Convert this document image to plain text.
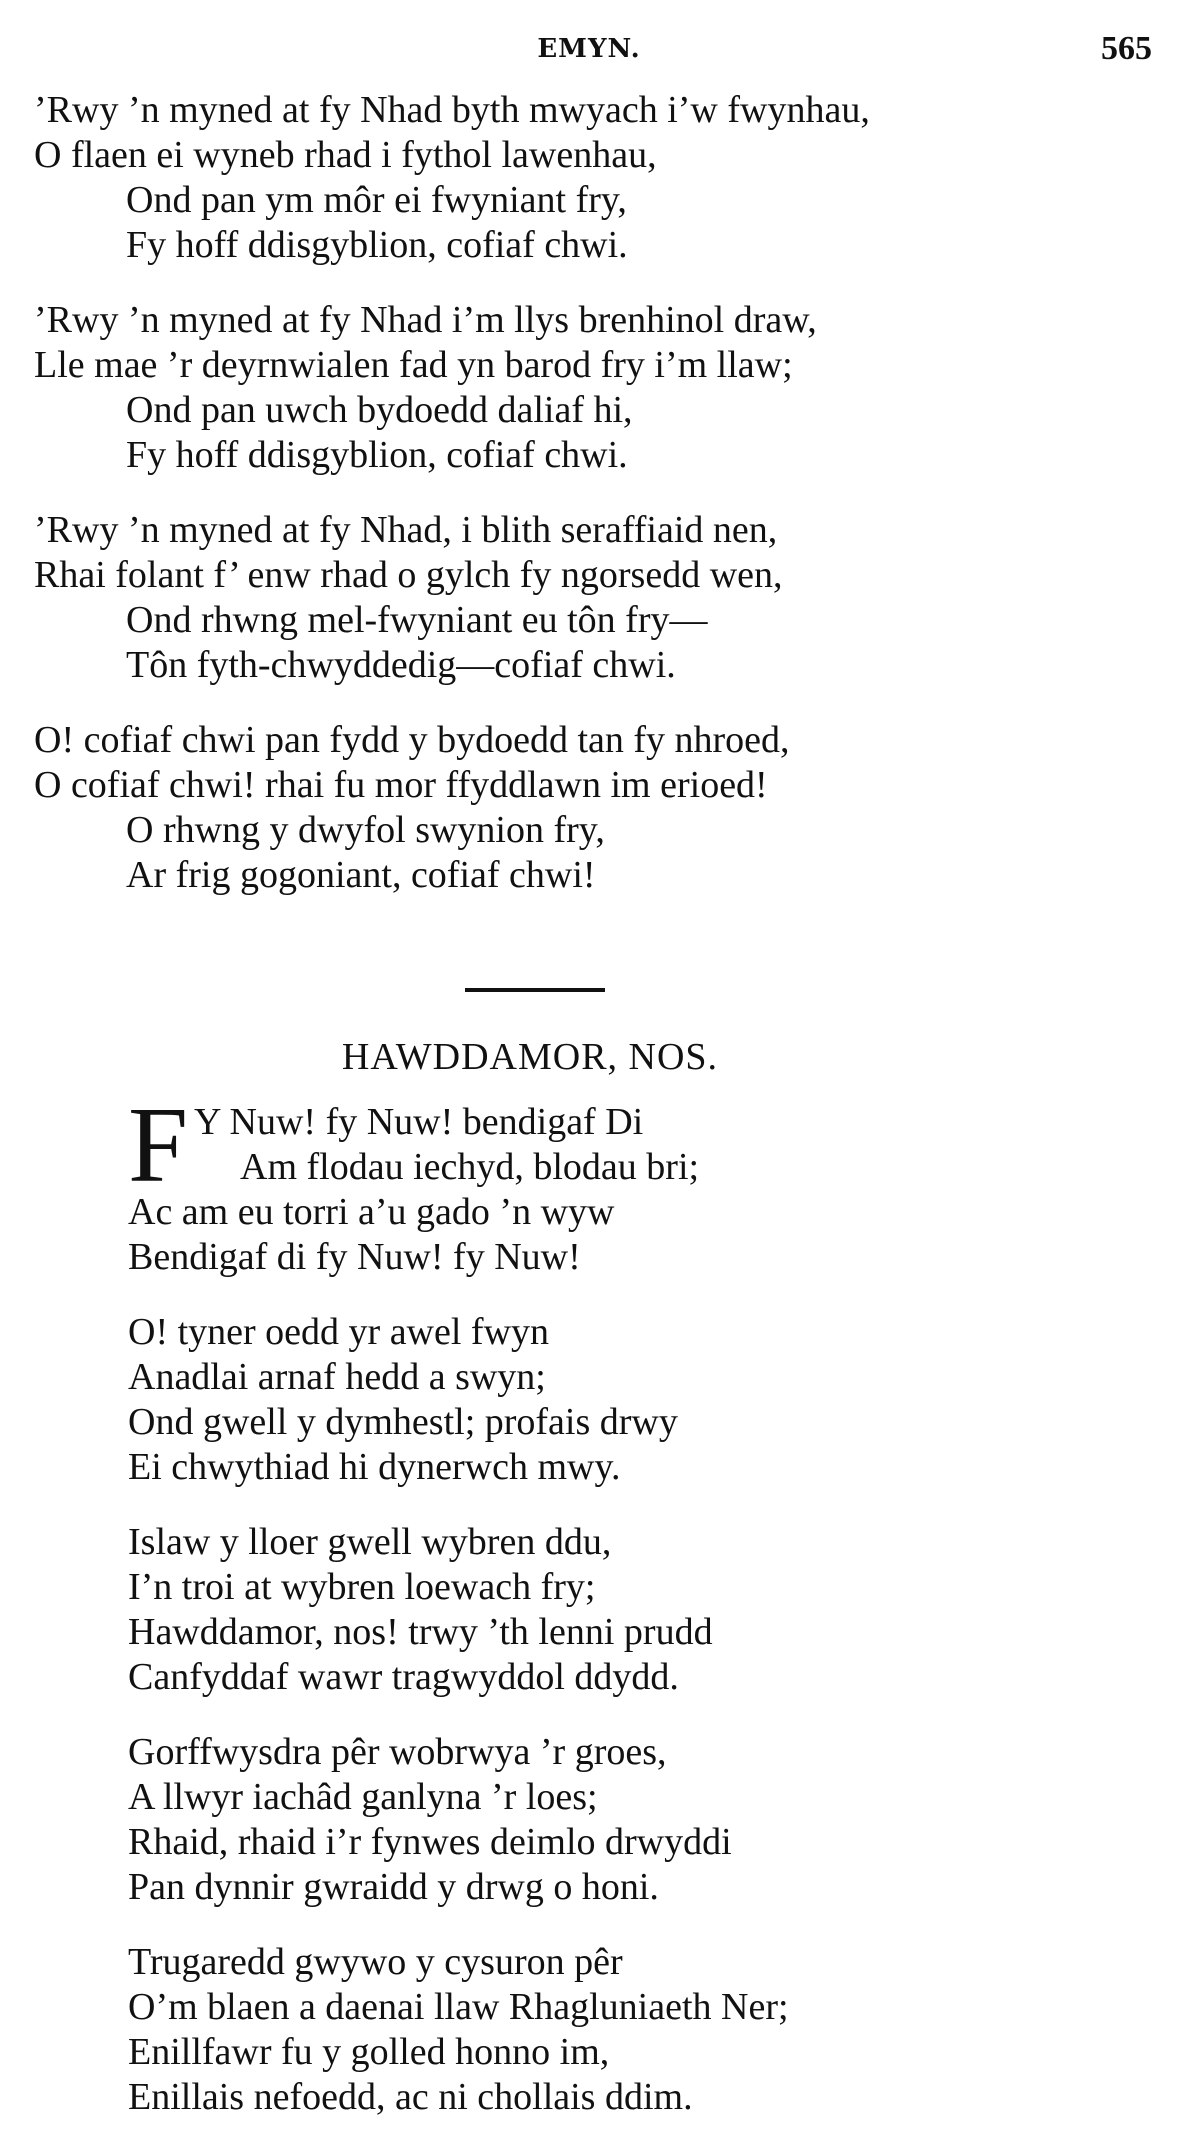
EMYN.	565
’Rwy ’n myned at fy Nhad byth mwyach i’w fwynhau,
O flaen ei wyneb rhad i fythol lawenhau,
Ond pan ym môr ei fwyniant fry,
Fy hoff ddisgyblion, cofiaf chwi.
’Rwy ’n myned at fy Nhad i’m llys brenhinol draw,
Lle mae ’r deyrnwialen fad yn barod fry i’m llaw;
Ond pan uwch bydoedd daliaf hi,
Fy hoff ddisgyblion, cofiaf chwi.
’Rwy ’n myned at fy Nhad, i blith seraffiaid nen,
Rhai folant f’ enw rhad o gylch fy ngorsedd wen,
Ond rhwng mel-fwyniant eu tôn fry—
Tôn fyth-chwyddedig—cofiaf chwi.
O! cofiaf chwi pan fydd y bydoedd tan fy nhroed,
O cofiaf chwi! rhai fu mor ffyddlawn im erioed!
O rhwng y dwyfol swynion fry,
Ar frig gogoniant, cofiaf chwi!
HAWDDAMOR, NOS.
F Y Nuw! fy Nuw! bendigaf Di
Am flodau iechyd, blodau bri;
Ac am eu torri a’u gado ’n wyw
Bendigaf di fy Nuw! fy Nuw!
O! tyner oedd yr awel fwyn
Anadlai arnaf hedd a swyn;
Ond gwell y dymhestl; profais drwy
Ei chwythiad hi dynerwch mwy.
Islaw y lloer gwell wybren ddu,
I’n troi at wybren loewach fry;
Hawddamor, nos! trwy ’th lenni prudd
Canfyddaf wawr tragwyddol ddydd.
Gorffwysdra pêr wobrwya ’r groes,
A llwyr iachâd ganlyna ’r loes;
Rhaid, rhaid i’r fynwes deimlo drwyddi
Pan dynnir gwraidd y drwg o honi.
Trugaredd gwywo y cysuron pêr
O’m blaen a daenai llaw Rhagluniaeth Ner;
Enillfawr fu y golled honno im,
Enillais nefoedd, ac ni chollais ddim.
